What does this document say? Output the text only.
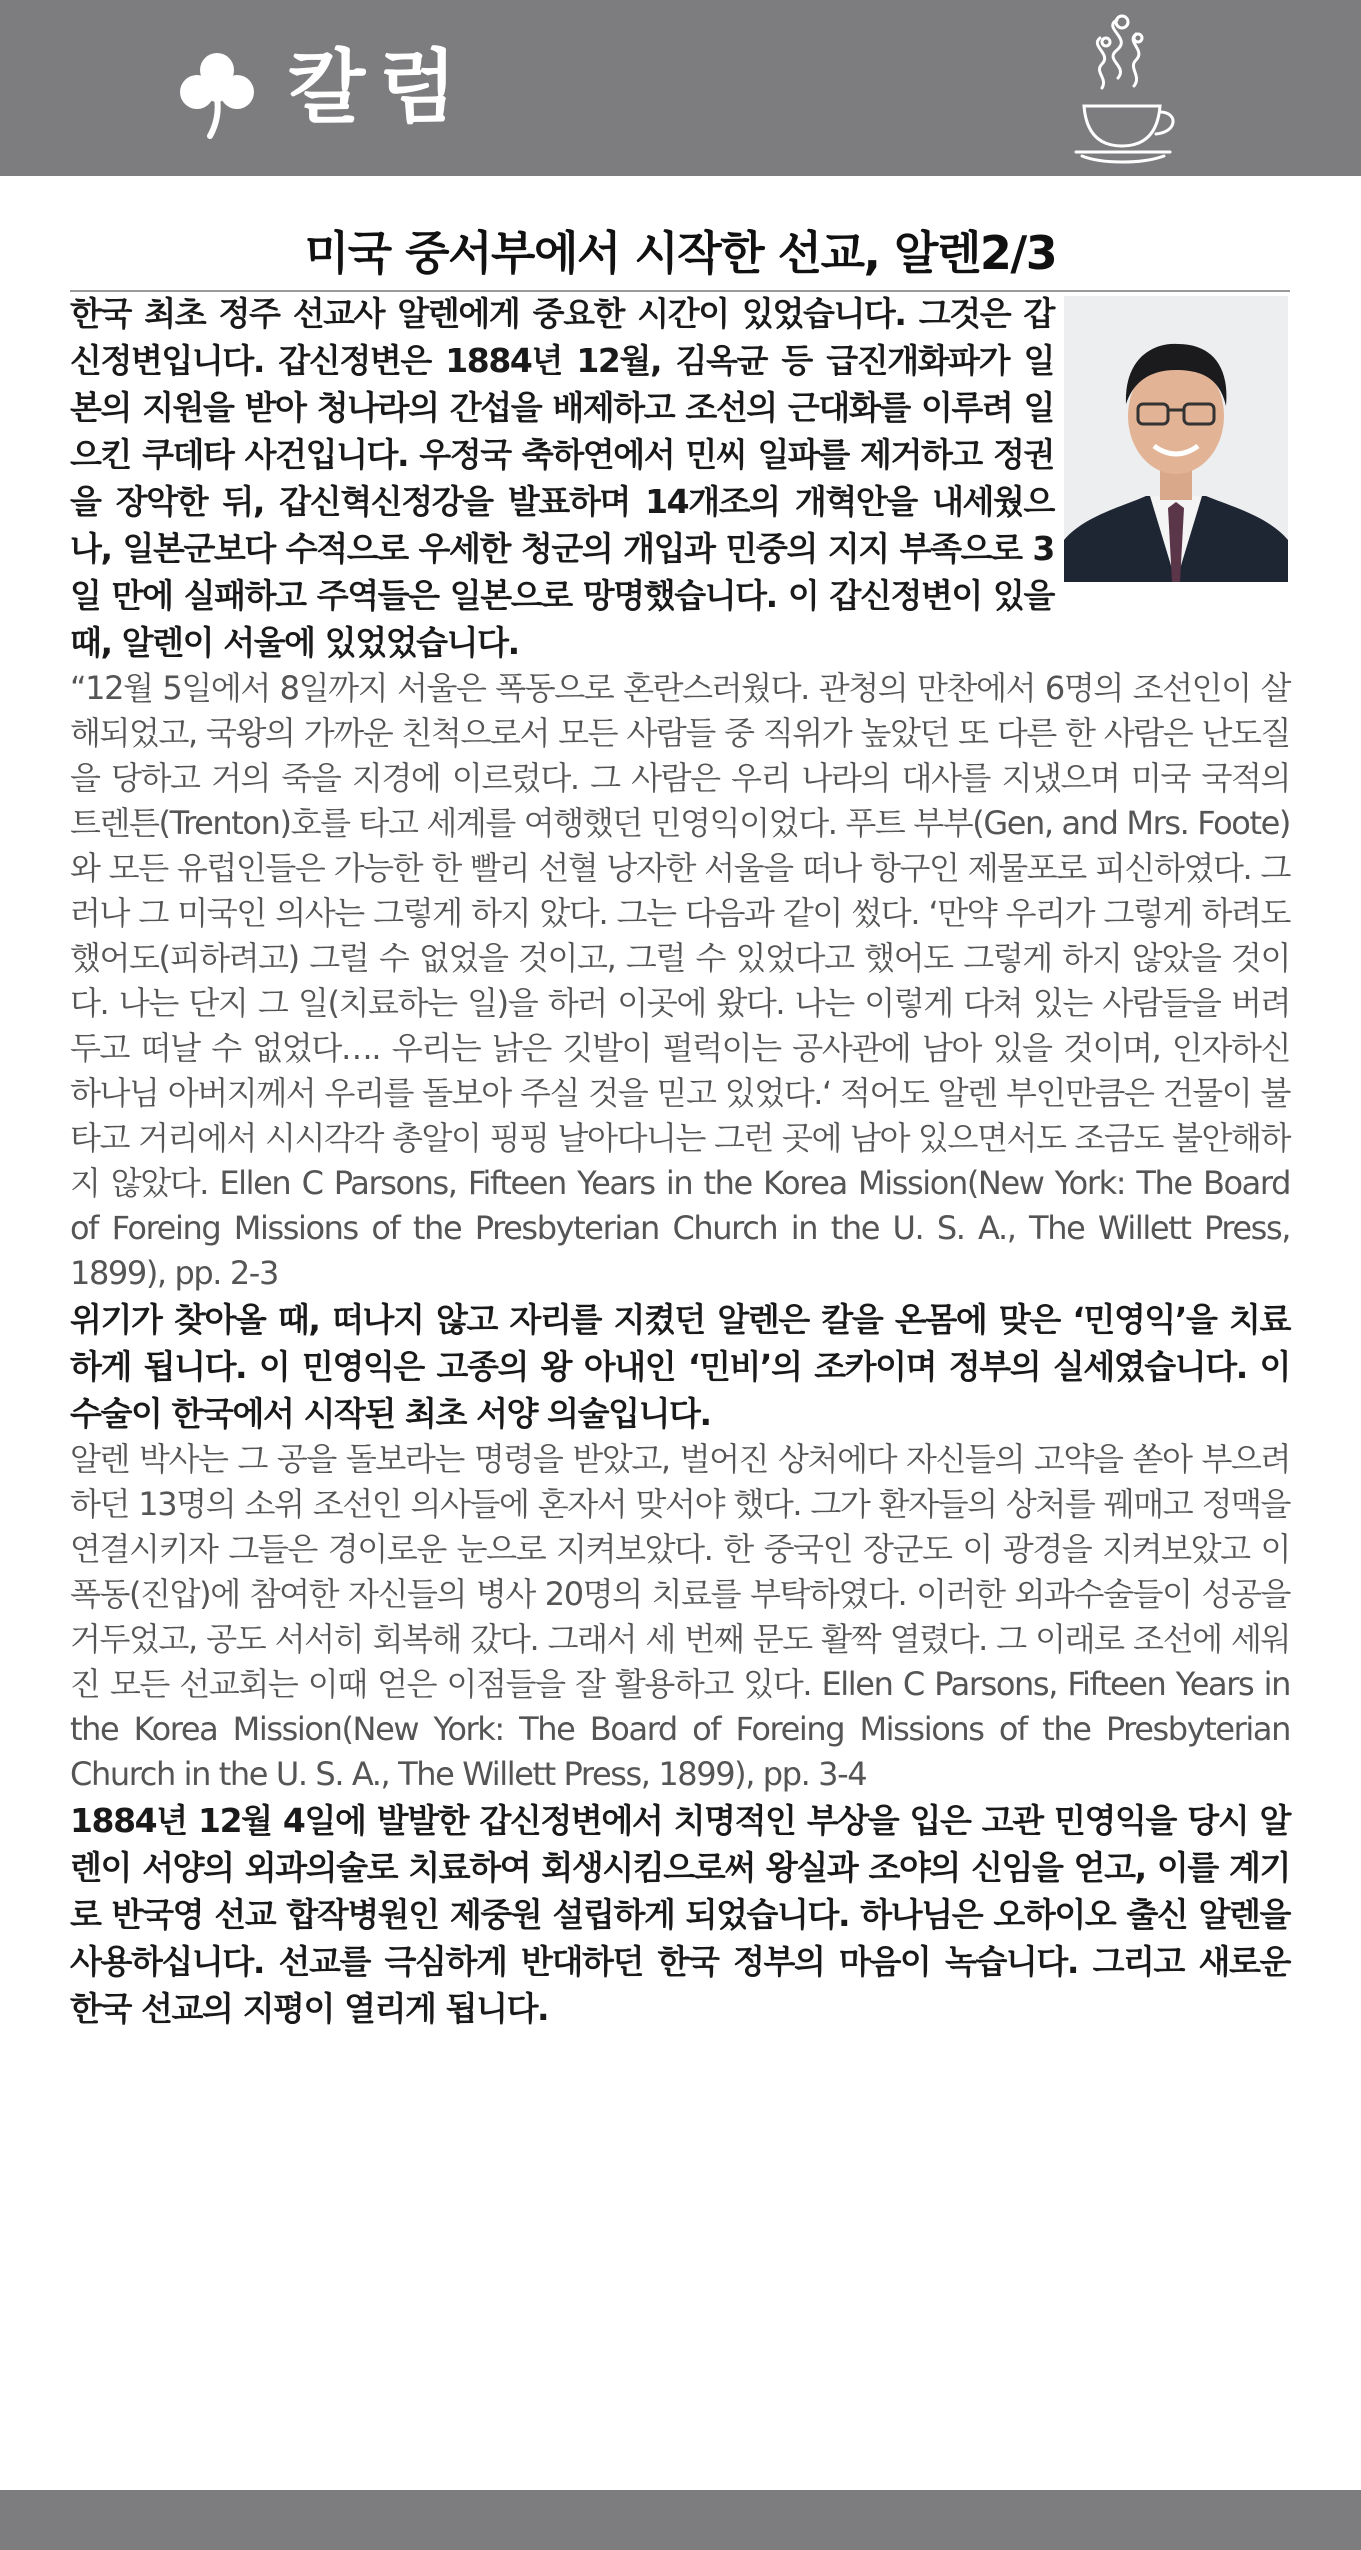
칼럼
미국 중서부에서 시작한 선교, 알렌2/3

한국 최초 정주 선교사 알렌에게 중요한 시간이 있었습니다. 그것은 갑신정변입니다. 갑신정변은 1884년 12월, 김옥균 등 급진개화파가 일본의 지원을 받아 청나라의 간섭을 배제하고 조선의 근대화를 이루려 일으킨 쿠데타 사건입니다. 우정국 축하연에서 민씨 일파를 제거하고 정권을 장악한 뒤, 갑신혁신정강을 발표하며 14개조의 개혁안을 내세웠으나, 일본군보다 수적으로 우세한 청군의 개입과 민중의 지지 부족으로 3일 만에 실패하고 주역들은 일본으로 망명했습니다. 이 갑신정변이 있을 때, 알렌이 서울에 있었었습니다.

“12월 5일에서 8일까지 서울은 폭동으로 혼란스러웠다. 관청의 만찬에서 6명의 조선인이 살해되었고, 국왕의 가까운 친척으로서 모든 사람들 중 직위가 높았던 또 다른 한 사람은 난도질을 당하고 거의 죽을 지경에 이르렀다. 그 사람은 우리 나라의 대사를 지냈으며 미국 국적의 트렌튼(Trenton)호를 타고 세계를 여행했던 민영익이었다. 푸트 부부(Gen, and Mrs. Foote)와 모든 유럽인들은 가능한 한 빨리 선혈 낭자한 서울을 떠나 항구인 제물포로 피신하였다. 그러나 그 미국인 의사는 그렇게 하지 았다. 그는 다음과 같이 썼다. ‘만약 우리가 그렇게 하려도 했어도(피하려고) 그럴 수 없었을 것이고, 그럴 수 있었다고 했어도 그렇게 하지 않았을 것이다. 나는 단지 그 일(치료하는 일)을 하러 이곳에 왔다. 나는 이렇게 다쳐 있는 사람들을 버려 두고 떠날 수 없었다…. 우리는 낡은 깃발이 펄럭이는 공사관에 남아 있을 것이며, 인자하신 하나님 아버지께서 우리를 돌보아 주실 것을 믿고 있었다.‘ 적어도 알렌 부인만큼은 건물이 불타고 거리에서 시시각각 총알이 핑핑 날아다니는 그런 곳에 남아 있으면서도 조금도 불안해하지 않았다. Ellen C Parsons, Fifteen Years in the Korea Mission(New York: The Board of Foreing Missions of the Presbyterian Church in the U. S. A., The Willett Press, 1899), pp. 2-3

위기가 찾아올 때, 떠나지 않고 자리를 지켰던 알렌은 칼을 온몸에 맞은 ‘민영익’을 치료하게 됩니다. 이 민영익은 고종의 왕 아내인 ‘민비’의 조카이며 정부의 실세였습니다. 이 수술이 한국에서 시작된 최초 서양 의술입니다.

알렌 박사는 그 공을 돌보라는 명령을 받았고, 벌어진 상처에다 자신들의 고약을 쏟아 부으려 하던 13명의 소위 조선인 의사들에 혼자서 맞서야 했다. 그가 환자들의 상처를 꿰매고 정맥을 연결시키자 그들은 경이로운 눈으로 지켜보았다. 한 중국인 장군도 이 광경을 지켜보았고 이 폭동(진압)에 참여한 자신들의 병사 20명의 치료를 부탁하였다. 이러한 외과수술들이 성공을 거두었고, 공도 서서히 회복해 갔다. 그래서 세 번째 문도 활짝 열렸다. 그 이래로 조선에 세워진 모든 선교회는 이때 얻은 이점들을 잘 활용하고 있다. Ellen C Parsons, Fifteen Years in the Korea Mission(New York: The Board of Foreing Missions of the Presbyterian Church in the U. S. A., The Willett Press, 1899), pp. 3-4

1884년 12월 4일에 발발한 갑신정변에서 치명적인 부상을 입은 고관 민영익을 당시 알렌이 서양의 외과의술로 치료하여 회생시킴으로써 왕실과 조야의 신임을 얻고, 이를 계기로 반국영 선교 합작병원인 제중원 설립하게 되었습니다. 하나님은 오하이오 출신 알렌을 사용하십니다. 선교를 극심하게 반대하던 한국 정부의 마음이 녹습니다. 그리고 새로운 한국 선교의 지평이 열리게 됩니다.
